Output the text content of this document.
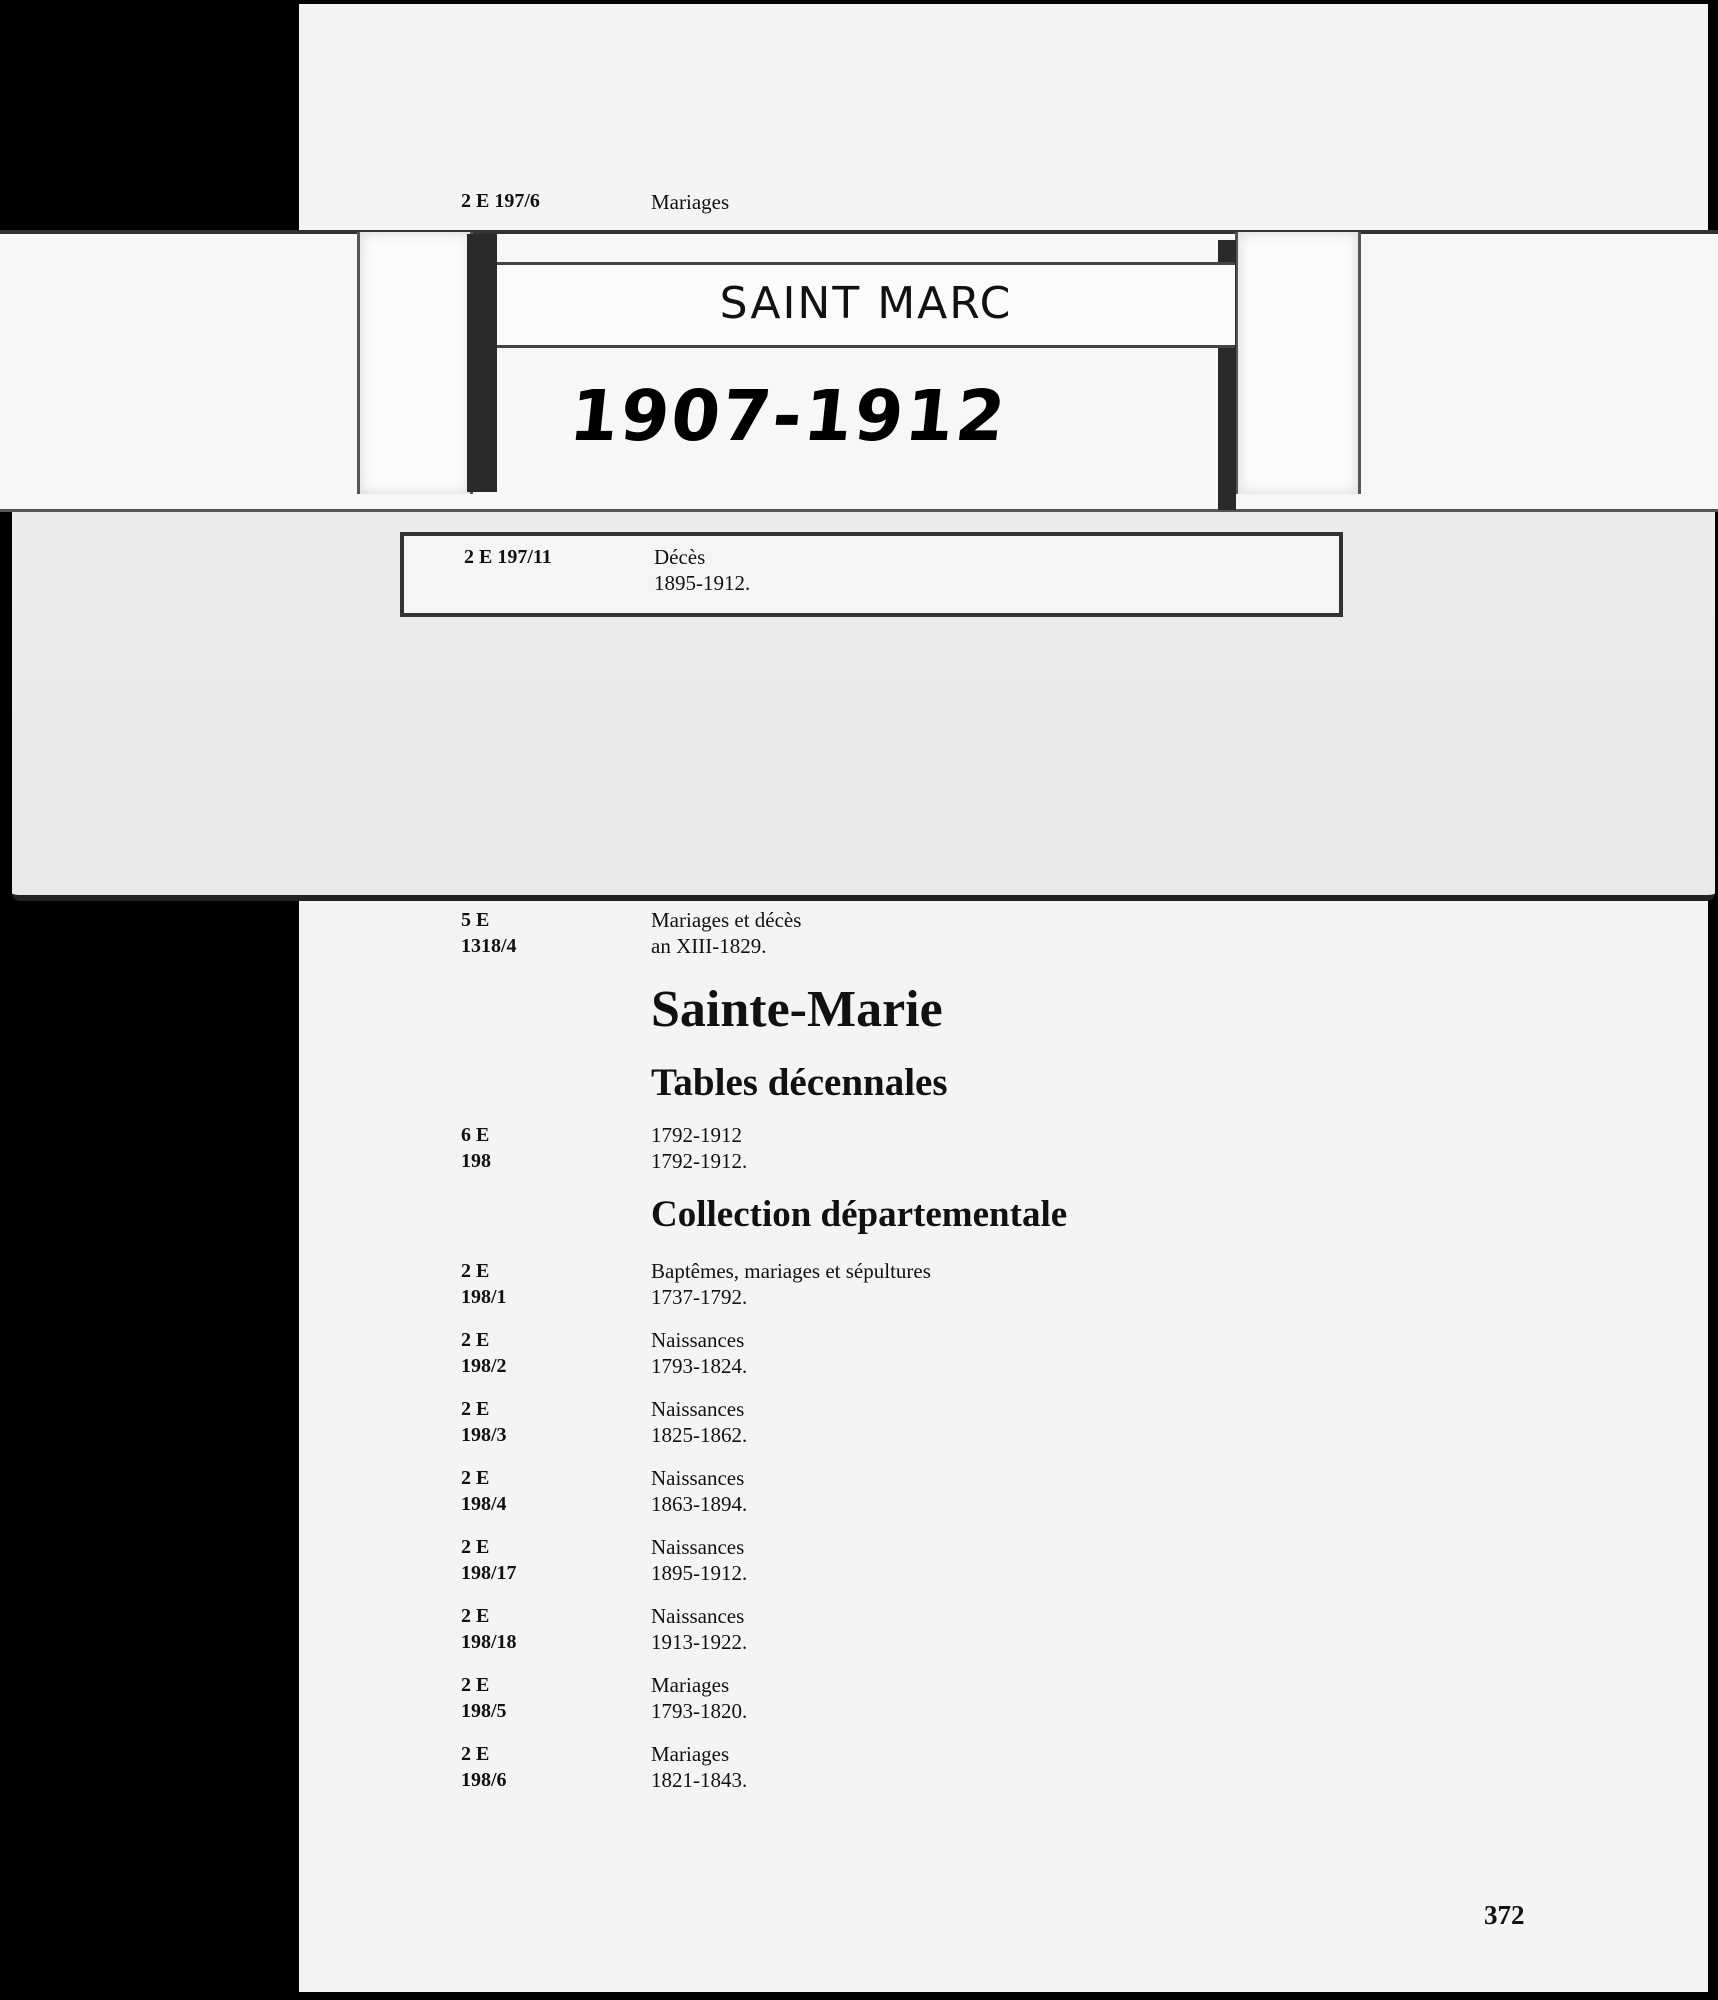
2 E 197/6	Mariages
SAINT MARC
1907-1912
2 E 197/11	Décès
1895-1912.
5 E 1318/4
Mariages et décès
an XIII-1829.
Sainte-Marie
Tables décennales
6 E 198
1792-1912
1792-1912.
Collection départementale
2 E 198/1
Baptêmes, mariages et sépultures
1737-1792.
2 E 198/2
Naissances
1793-1824.
2 E 198/3
Naissances
1825-1862.
2 E 198/4
Naissances
1863-1894.
2 E 198/17
Naissances
1895-1912.
2 E 198/18
Naissances
1913-1922.
2 E 198/5
Mariages
1793-1820.
2 E 198/6
Mariages
1821-1843.
372
